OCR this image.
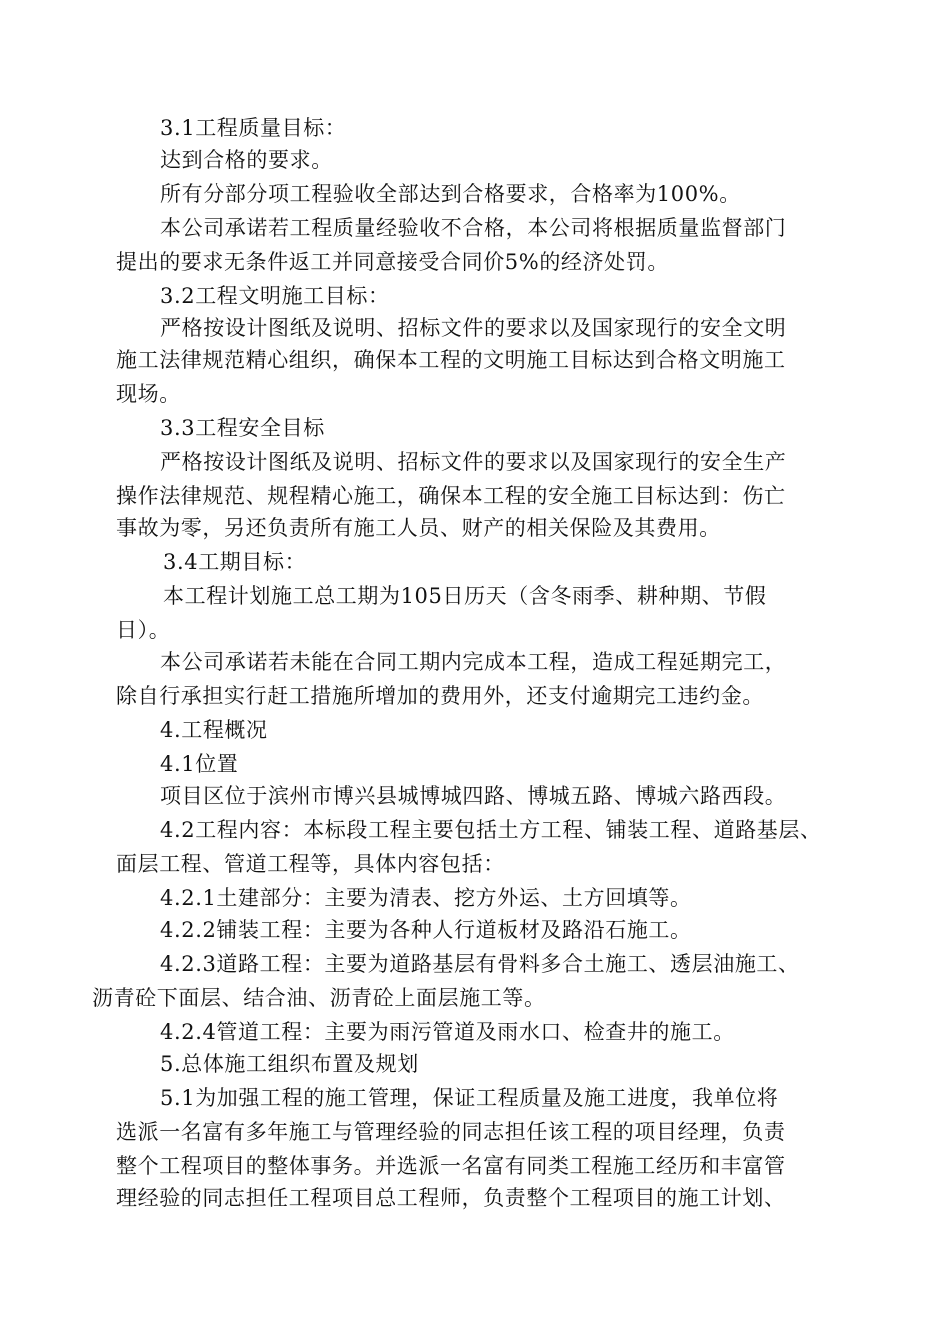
3.1工程质量目标：
达到合格的要求。
所有分部分项工程验收全部达到合格要求，合格率为100%。
本公司承诺若工程质量经验收不合格，本公司将根据质量监督部门
提出的要求无条件返工并同意接受合同价5%的经济处罚。
3.2工程文明施工目标：
严格按设计图纸及说明、招标文件的要求以及国家现行的安全文明
施工法律规范精心组织，确保本工程的文明施工目标达到合格文明施工
现场。
3.3工程安全目标
严格按设计图纸及说明、招标文件的要求以及国家现行的安全生产
操作法律规范、规程精心施工，确保本工程的安全施工目标达到：伤亡
事故为零，另还负责所有施工人员、财产的相关保险及其费用。
3.4工期目标：
本工程计划施工总工期为105日历天（含冬雨季、耕种期、节假
日）。
本公司承诺若未能在合同工期内完成本工程，造成工程延期完工，
除自行承担实行赶工措施所增加的费用外，还支付逾期完工违约金。
4.工程概况
4.1位置
项目区位于滨州市博兴县城博城四路、博城五路、博城六路西段。
4.2工程内容：本标段工程主要包括土方工程、铺装工程、道路基层、
面层工程、管道工程等，具体内容包括：
4.2.1土建部分：主要为清表、挖方外运、土方回填等。
4.2.2铺装工程：主要为各种人行道板材及路沿石施工。
4.2.3道路工程：主要为道路基层有骨料多合土施工、透层油施工、
沥青砼下面层、结合油、沥青砼上面层施工等。
4.2.4管道工程：主要为雨污管道及雨水口、检查井的施工。
5.总体施工组织布置及规划
5.1为加强工程的施工管理，保证工程质量及施工进度，我单位将
选派一名富有多年施工与管理经验的同志担任该工程的项目经理，负责
整个工程项目的整体事务。并选派一名富有同类工程施工经历和丰富管
理经验的同志担任工程项目总工程师，负责整个工程项目的施工计划、
